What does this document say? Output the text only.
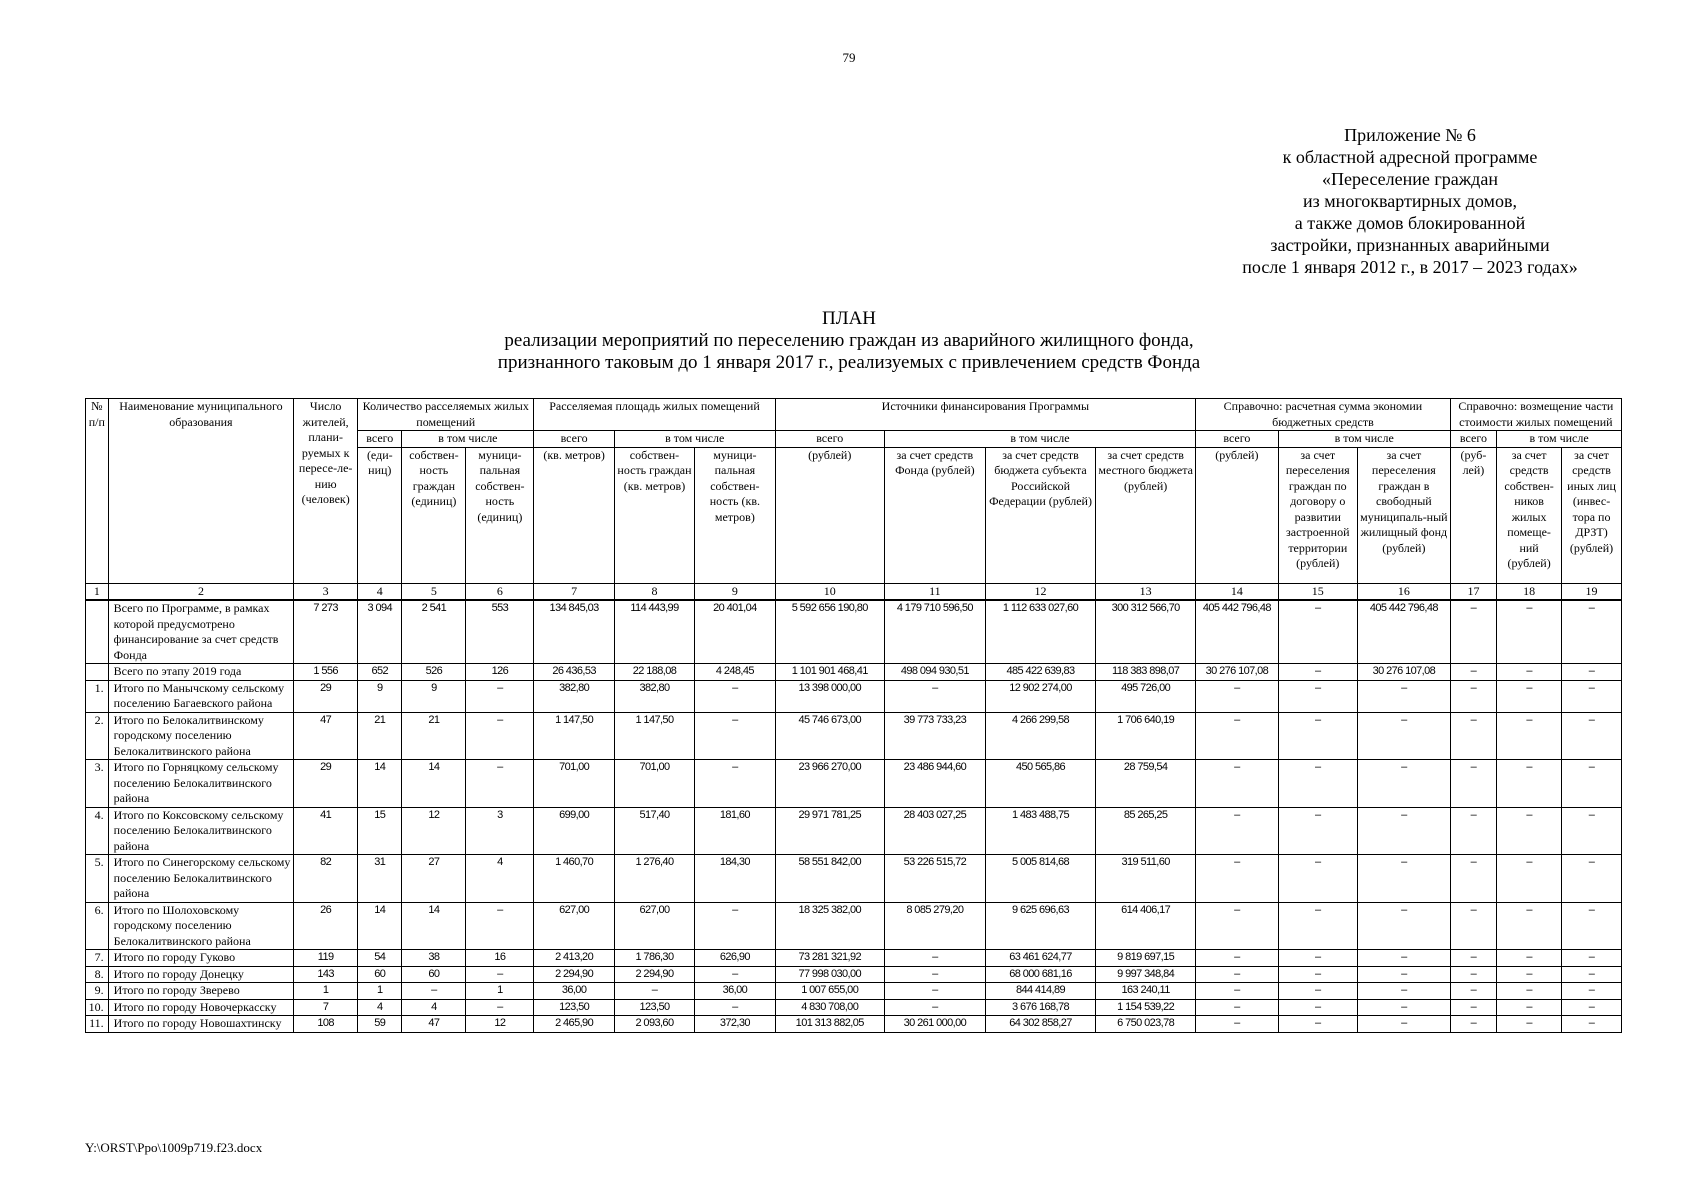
79
Приложение № 6
к областной адресной программе
«Переселение граждан
из многоквартирных домов,
а также домов блокированной
застройки, признанных аварийными
после 1 января 2012 г., в 2017 – 2023 годах»
ПЛАН
реализации мероприятий по переселению граждан из аварийного жилищного фонда,
признанного таковым до 1 января 2017 г., реализуемых с привлечением средств Фонда
№ п/п	Наименование муниципального образования	Число жителей, плани-руемых к пересе-ле-нию (человек)	Количество расселяемых жилых помещений			Расселяемая площадь жилых помещений			Источники финансирования Программы				Справочно: расчетная сумма экономии бюджетных средств			Справочно: возмещение части стоимости жилых помещений		
			всего	в том числе		всего	в том числе		всего	в том числе			всего	в том числе		всего	в том числе	
			(еди-ниц)	собствен-ность граждан (единиц)	муници-пальная собствен-ность (единиц)	(кв. метров)	собствен-ность граждан (кв. метров)	муници-пальная собствен-ность (кв. метров)	(рублей)	за счет средств Фонда (рублей)	за счет средств бюджета субъекта Российской Федерации (рублей)	за счет средств местного бюджета (рублей)	(рублей)	за счет переселения граждан по договору о развитии застроенной территории (рублей)	за счет переселения граждан в свободный муниципаль-ный жилищный фонд (рублей)	(руб-лей)	за счет средств собствен-ников жилых помеще-ний (рублей)	за счет средств иных лиц (инвес-тора по ДРЗТ) (рублей)
1	2	3	4	5	6	7	8	9	10	11	12	13	14	15	16	17	18	19
	Всего по Программе, в рамках которой предусмотрено финансирование за счет средств Фонда	7 273	3 094	2 541	553	134 845,03	114 443,99	20 401,04	5 592 656 190,80	4 179 710 596,50	1 112 633 027,60	300 312 566,70	405 442 796,48	–	405 442 796,48	–	–	–
	Всего по этапу 2019 года	1 556	652	526	126	26 436,53	22 188,08	4 248,45	1 101 901 468,41	498 094 930,51	485 422 639,83	118 383 898,07	30 276 107,08	–	30 276 107,08	–	–	–
1.	Итого по Манычскому сельскому поселению Багаевского района	29	9	9	–	382,80	382,80	–	13 398 000,00	–	12 902 274,00	495 726,00	–	–	–	–	–	–
2.	Итого по Белокалитвинскому городскому поселению Белокалитвинского района	47	21	21	–	1 147,50	1 147,50	–	45 746 673,00	39 773 733,23	4 266 299,58	1 706 640,19	–	–	–	–	–	–
3.	Итого по Горняцкому сельскому поселению Белокалитвинского района	29	14	14	–	701,00	701,00	–	23 966 270,00	23 486 944,60	450 565,86	28 759,54	–	–	–	–	–	–
4.	Итого по Коксовскому сельскому поселению Белокалитвинского района	41	15	12	3	699,00	517,40	181,60	29 971 781,25	28 403 027,25	1 483 488,75	85 265,25	–	–	–	–	–	–
5.	Итого по Синегорскому сельскому поселению Белокалитвинского района	82	31	27	4	1 460,70	1 276,40	184,30	58 551 842,00	53 226 515,72	5 005 814,68	319 511,60	–	–	–	–	–	–
6.	Итого по Шолоховскому городскому поселению Белокалитвинского района	26	14	14	–	627,00	627,00	–	18 325 382,00	8 085 279,20	9 625 696,63	614 406,17	–	–	–	–	–	–
7.	Итого по городу Гуково	119	54	38	16	2 413,20	1 786,30	626,90	73 281 321,92	–	63 461 624,77	9 819 697,15	–	–	–	–	–	–
8.	Итого по городу Донецку	143	60	60	–	2 294,90	2 294,90	–	77 998 030,00	–	68 000 681,16	9 997 348,84	–	–	–	–	–	–
9.	Итого по городу Зверево	1	1	–	1	36,00	–	36,00	1 007 655,00	–	844 414,89	163 240,11	–	–	–	–	–	–
10.	Итого по городу Новочеркасску	7	4	4	–	123,50	123,50	–	4 830 708,00	–	3 676 168,78	1 154 539,22	–	–	–	–	–	–
11.	Итого по городу Новошахтинску	108	59	47	12	2 465,90	2 093,60	372,30	101 313 882,05	30 261 000,00	64 302 858,27	6 750 023,78	–	–	–	–	–	–
Y:\ORST\Ppo\1009p719.f23.docx
